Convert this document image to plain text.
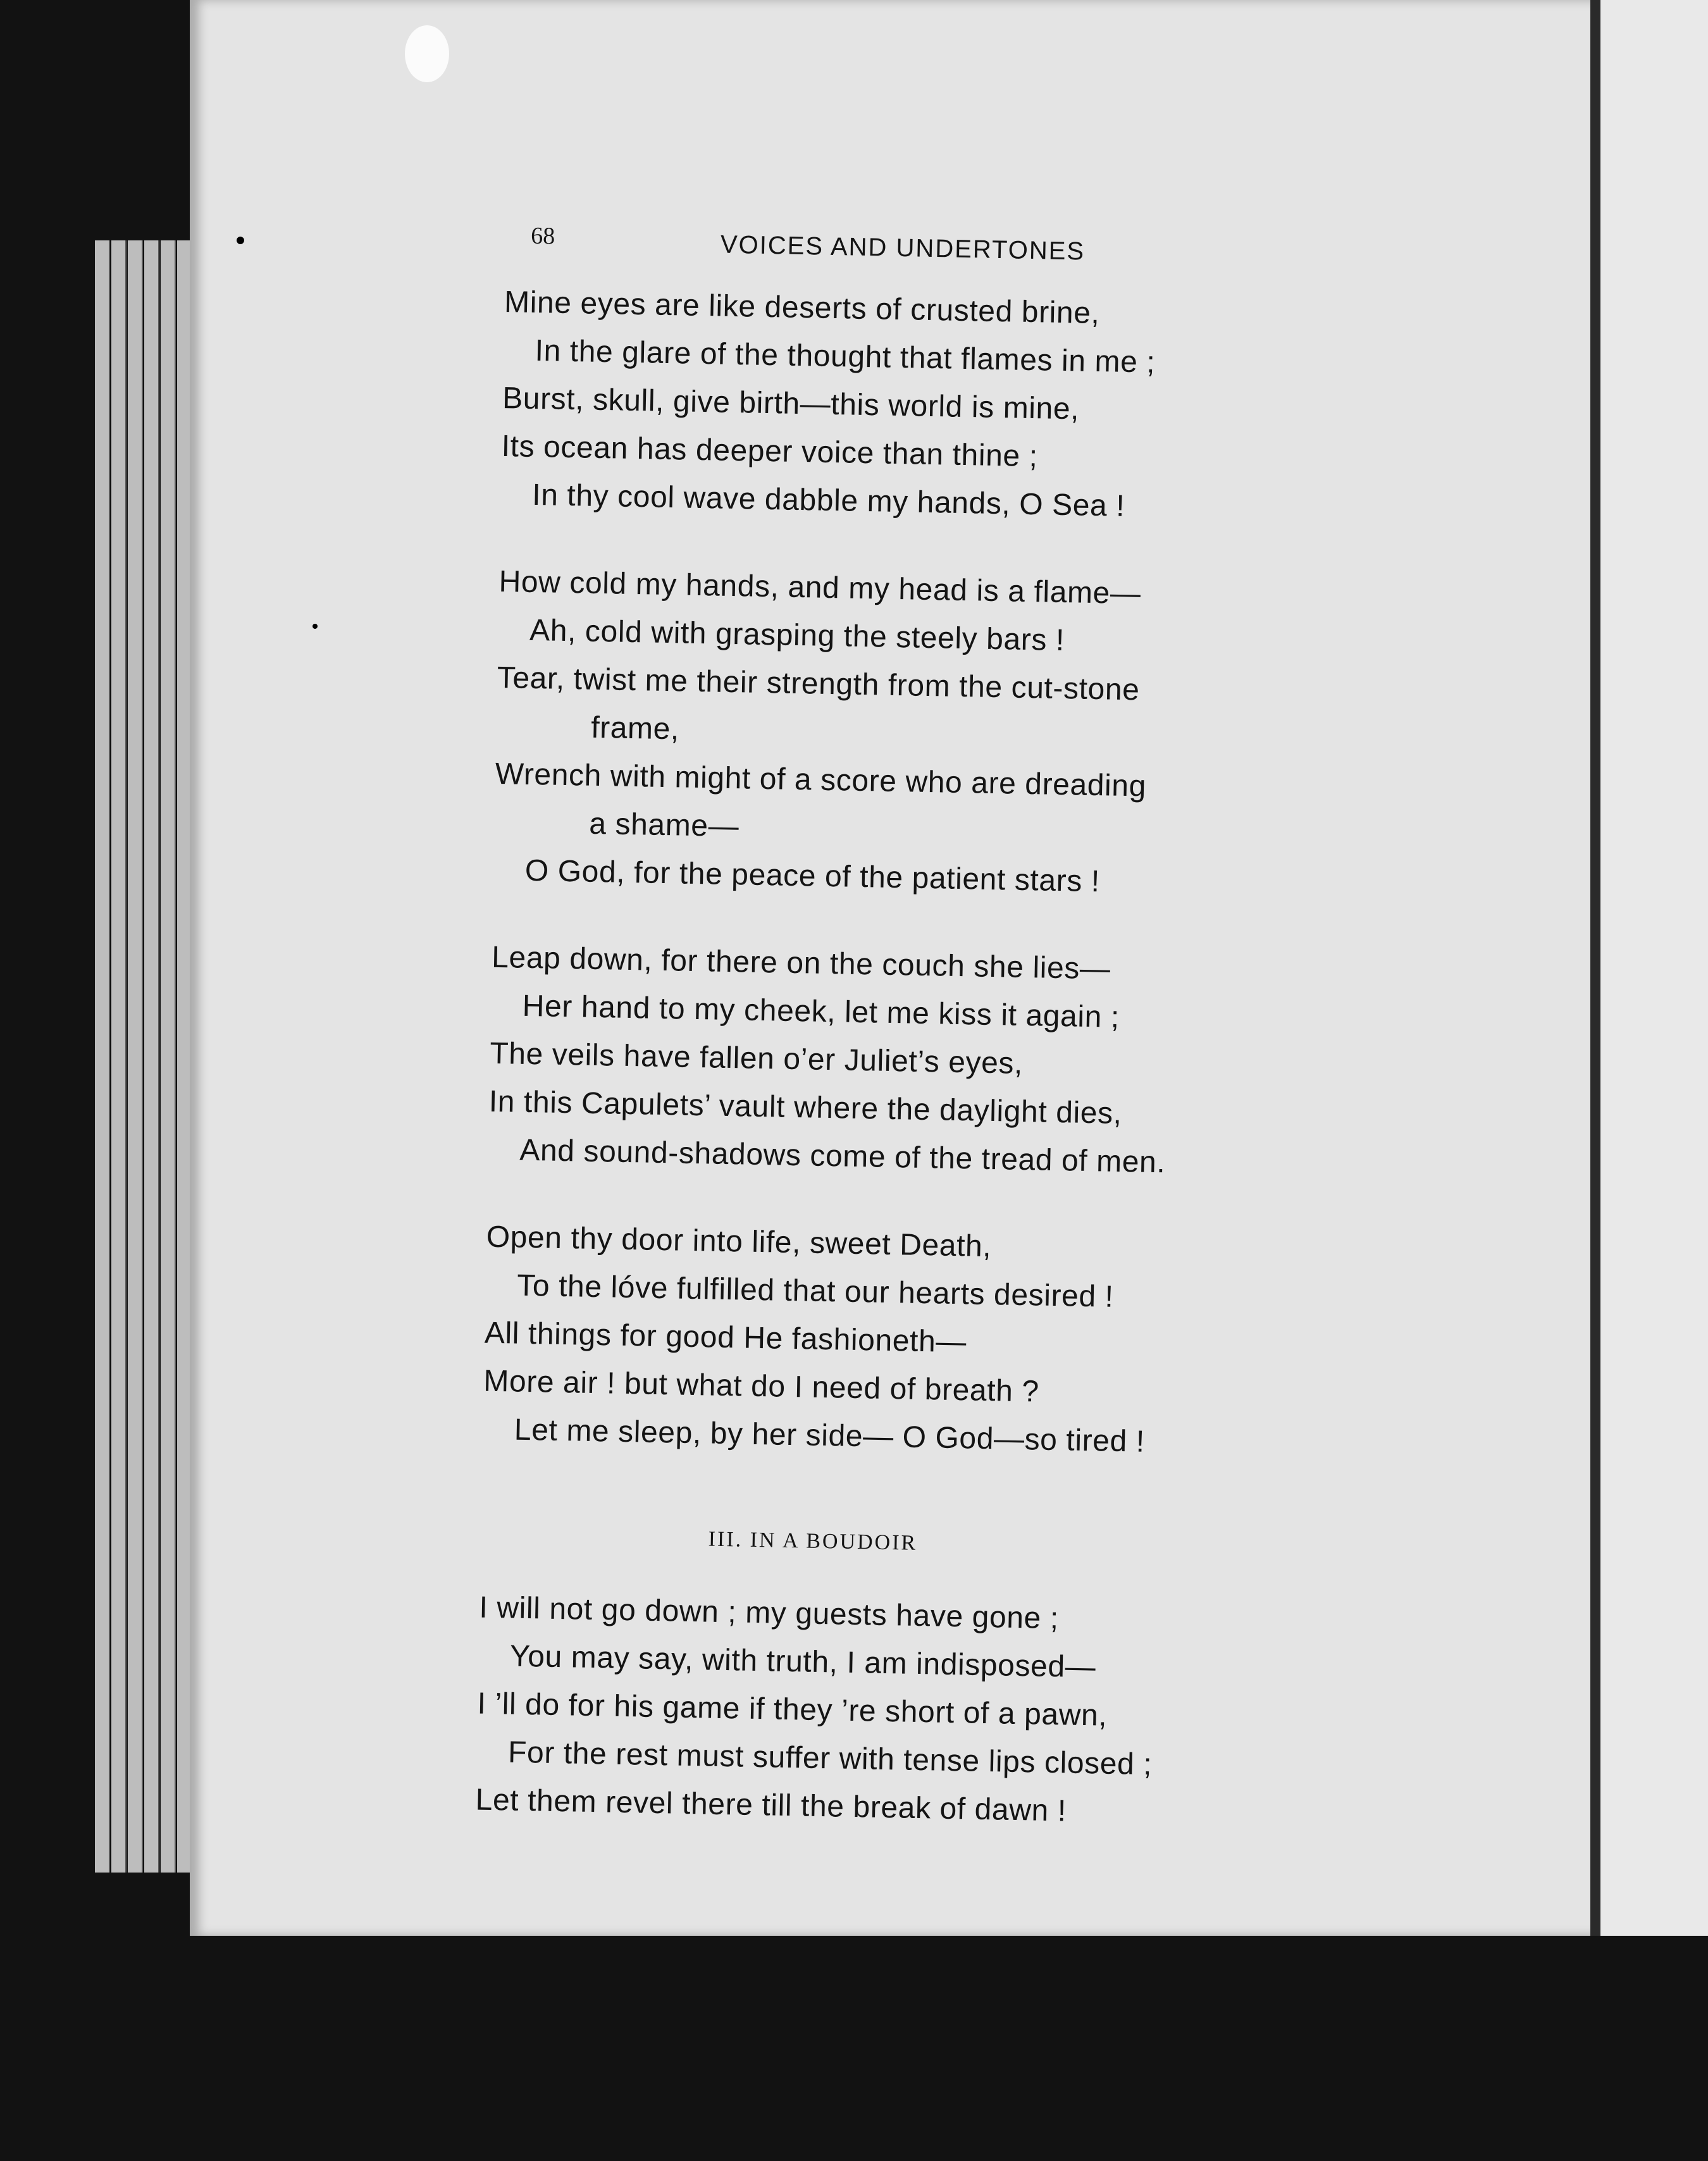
68	VOICES AND UNDERTONES
Mine eyes are like deserts of crusted brine,
In the glare of the thought that flames in me ;
Burst, skull, give birth—this world is mine,
Its ocean has deeper voice than thine ;
In thy cool wave dabble my hands, O Sea !
How cold my hands, and my head is a flame—
Ah, cold with grasping the steely bars !
Tear, twist me their strength from the cut-stone
frame,
Wrench with might of a score who are dreading
a shame—
O God, for the peace of the patient stars !
Leap down, for there on the couch she lies—
Her hand to my cheek, let me kiss it again ;
The veils have fallen o’er Juliet’s eyes,
In this Capulets’ vault where the daylight dies,
And sound-shadows come of the tread of men.
Open thy door into life, sweet Death,
To the lóve fulfilled that our hearts desired !
All things for good He fashioneth—
More air ! but what do I need of breath ?
Let me sleep, by her side— O God—so tired !
III. IN A BOUDOIR
I will not go down ; my guests have gone ;
You may say, with truth, I am indisposed—
I ’ll do for his game if they ’re short of a pawn,
For the rest must suffer with tense lips closed ;
Let them revel there till the break of dawn !
